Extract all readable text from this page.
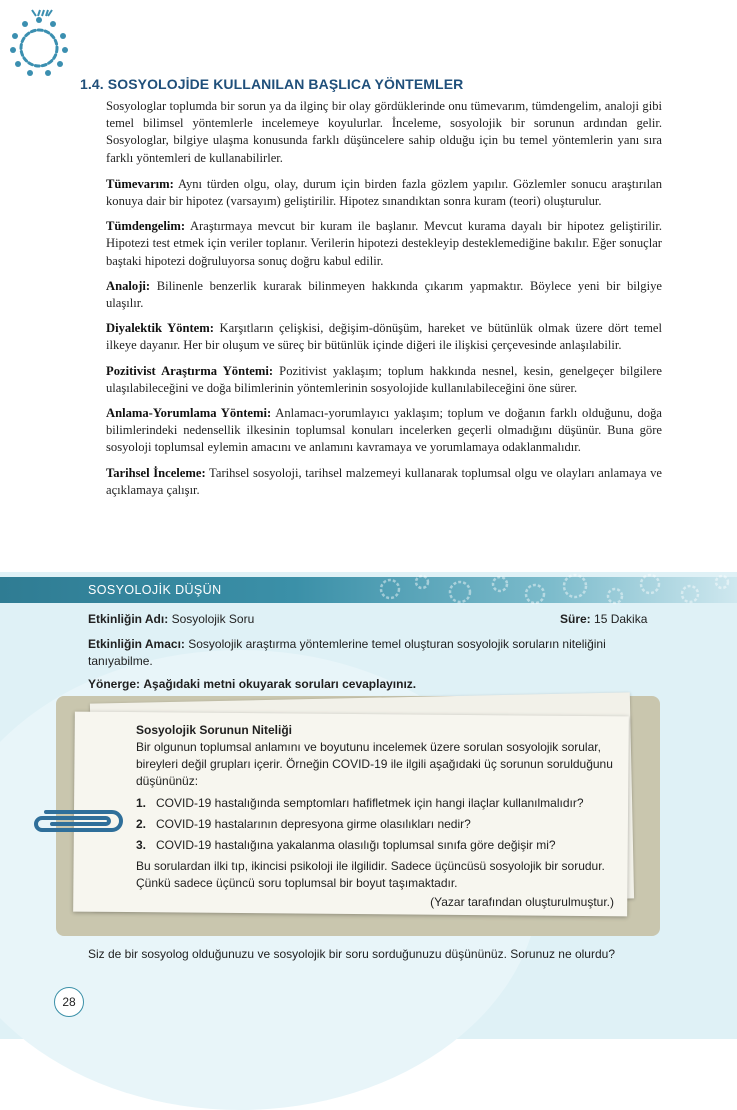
1.4. SOSYOLOJİDE KULLANILAN BAŞLICA YÖNTEMLER

Sosyologlar toplumda bir sorun ya da ilginç bir olay gördüklerinde onu tümevarım, tümdengelim, analoji gibi temel bilimsel yöntemlerle incelemeye koyulurlar. İnceleme, sosyolojik bir sorunun ardından gelir. Sosyologlar, bilgiye ulaşma konusunda farklı düşüncelere sahip olduğu için bu temel yöntemlerin yanı sıra farklı yöntemleri de kullanabilirler.

Tümevarım: Aynı türden olgu, olay, durum için birden fazla gözlem yapılır. Gözlemler sonucu araştırılan konuya dair bir hipotez (varsayım) geliştirilir. Hipotez sınandıktan sonra kuram (teori) oluşturulur.

Tümdengelim: Araştırmaya mevcut bir kuram ile başlanır. Mevcut kurama dayalı bir hipotez geliştirilir. Hipotezi test etmek için veriler toplanır. Verilerin hipotezi destekleyip desteklemediğine bakılır. Eğer sonuçlar baştaki hipotezi doğruluyorsa sonuç doğru kabul edilir.

Analoji: Bilinenle benzerlik kurarak bilinmeyen hakkında çıkarım yapmaktır. Böylece yeni bir bilgiye ulaşılır.

Diyalektik Yöntem: Karşıtların çelişkisi, değişim-dönüşüm, hareket ve bütünlük olmak üzere dört temel ilkeye dayanır. Her bir oluşum ve süreç bir bütünlük içinde diğeri ile ilişkisi çerçevesinde anlaşılabilir.

Pozitivist Araştırma Yöntemi: Pozitivist yaklaşım; toplum hakkında nesnel, kesin, genelgeçer bilgilere ulaşılabileceğini ve doğa bilimlerinin yöntemlerinin sosyolojide kullanılabileceğini öne sürer.

Anlama-Yorumlama Yöntemi: Anlamacı-yorumlayıcı yaklaşım; toplum ve doğanın farklı olduğunu, doğa bilimlerindeki nedensellik ilkesinin toplumsal konuları incelerken geçerli olmadığını düşünür. Buna göre sosyoloji toplumsal eylemin amacını ve anlamını kavramaya ve yorumlamaya odaklanmalıdır.

Tarihsel İnceleme: Tarihsel sosyoloji, tarihsel malzemeyi kullanarak toplumsal olgu ve olayları anlamaya ve açıklamaya çalışır.

SOSYOLOJİK DÜŞÜN
Etkinliğin Adı: Sosyolojik Soru	Süre: 15 Dakika
Etkinliğin Amacı: Sosyolojik araştırma yöntemlerine temel oluşturan sosyolojik soruların niteliğini tanıyabilme.
Yönerge: Aşağıdaki metni okuyarak soruları cevaplayınız.
Sosyolojik Sorunun Niteliği
Bir olgunun toplumsal anlamını ve boyutunu incelemek üzere sorulan sosyolojik sorular, bireyleri değil grupları içerir. Örneğin COVID-19 ile ilgili aşağıdaki üç sorunun sorulduğunu düşününüz:
1. COVID-19 hastalığında semptomları hafifletmek için hangi ilaçlar kullanılmalıdır?
2. COVID-19 hastalarının depresyona girme olasılıkları nedir?
3. COVID-19 hastalığına yakalanma olasılığı toplumsal sınıfa göre değişir mi?
Bu sorulardan ilki tıp, ikincisi psikoloji ile ilgilidir. Sadece üçüncüsü sosyolojik bir sorudur. Çünkü sadece üçüncü soru toplumsal bir boyut taşımaktadır.
(Yazar tarafından oluşturulmuştur.)
Siz de bir sosyolog olduğunuzu ve sosyolojik bir soru sorduğunuzu düşününüz. Sorunuz ne olurdu?
28
